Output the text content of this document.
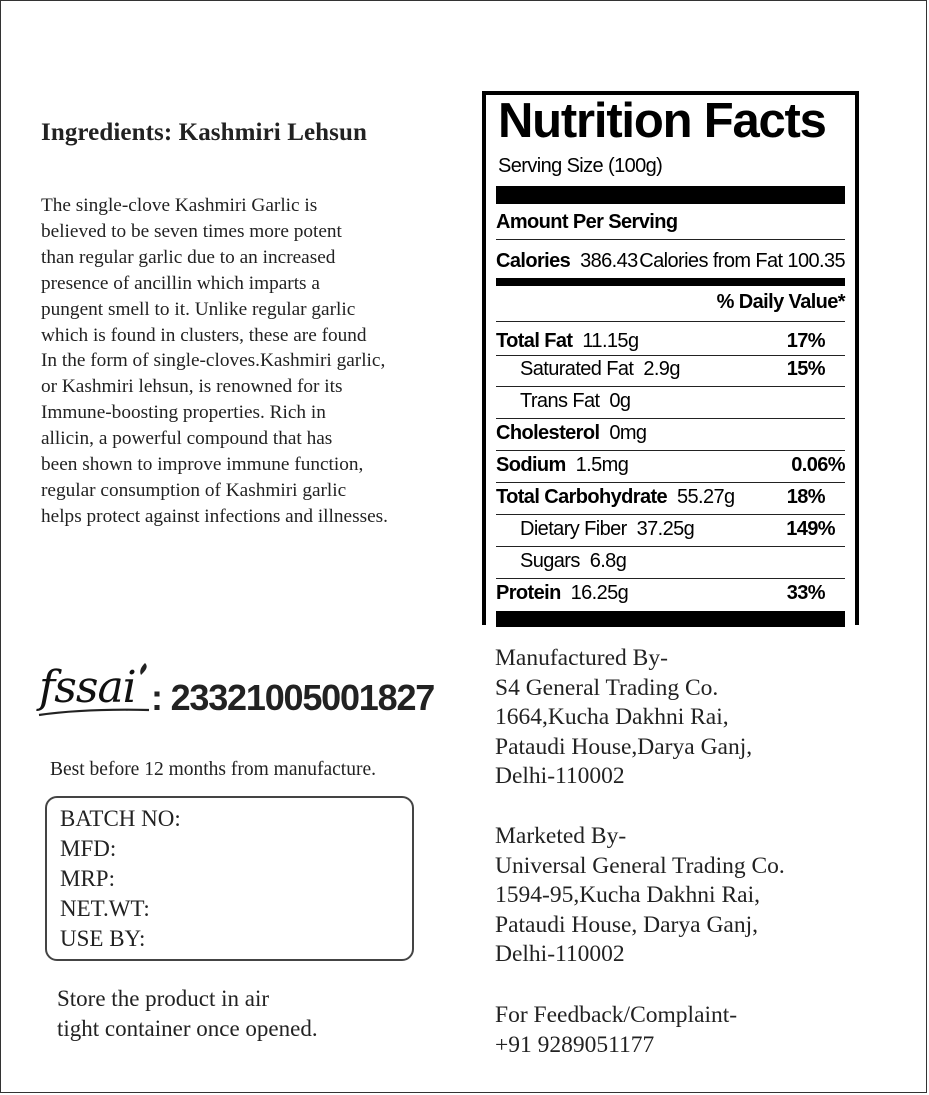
Ingredients: Kashmiri Lehsun
The single-clove Kashmiri Garlic is
believed to be seven times more potent
than regular garlic due to an increased
presence of ancillin which imparts a
pungent smell to it. Unlike regular garlic
which is found in clusters, these are found
In the form of single-cloves.Kashmiri garlic,
or Kashmiri lehsun, is renowned for its
Immune-boosting properties. Rich in
allicin, a powerful compound that has
been shown to improve immune function,
regular consumption of Kashmiri garlic
helps protect against infections and illnesses.
Nutrition Facts
Serving Size (100g)
Amount Per Serving
Calories  386.43 Calories from Fat 100.35
% Daily Value*
Total Fat  11.15g	17%
Saturated Fat  2.9g	15%
Trans Fat  0g
Cholesterol  0mg
Sodium  1.5mg	0.06%
Total Carbohydrate  55.27g	18%
Dietary Fiber  37.25g	149%
Sugars  6.8g
Protein  16.25g	33%
fssai : 23321005001827
Best before 12 months from manufacture.
BATCH NO:
MFD:
MRP:
NET.WT:
USE BY:
Store the product in air
tight container once opened.
Manufactured By-
S4 General Trading Co.
1664,Kucha Dakhni Rai,
Pataudi House,Darya Ganj,
Delhi-110002
Marketed By-
Universal General Trading Co.
1594-95,Kucha Dakhni Rai,
Pataudi House, Darya Ganj,
Delhi-110002
For Feedback/Complaint-
+91 9289051177
